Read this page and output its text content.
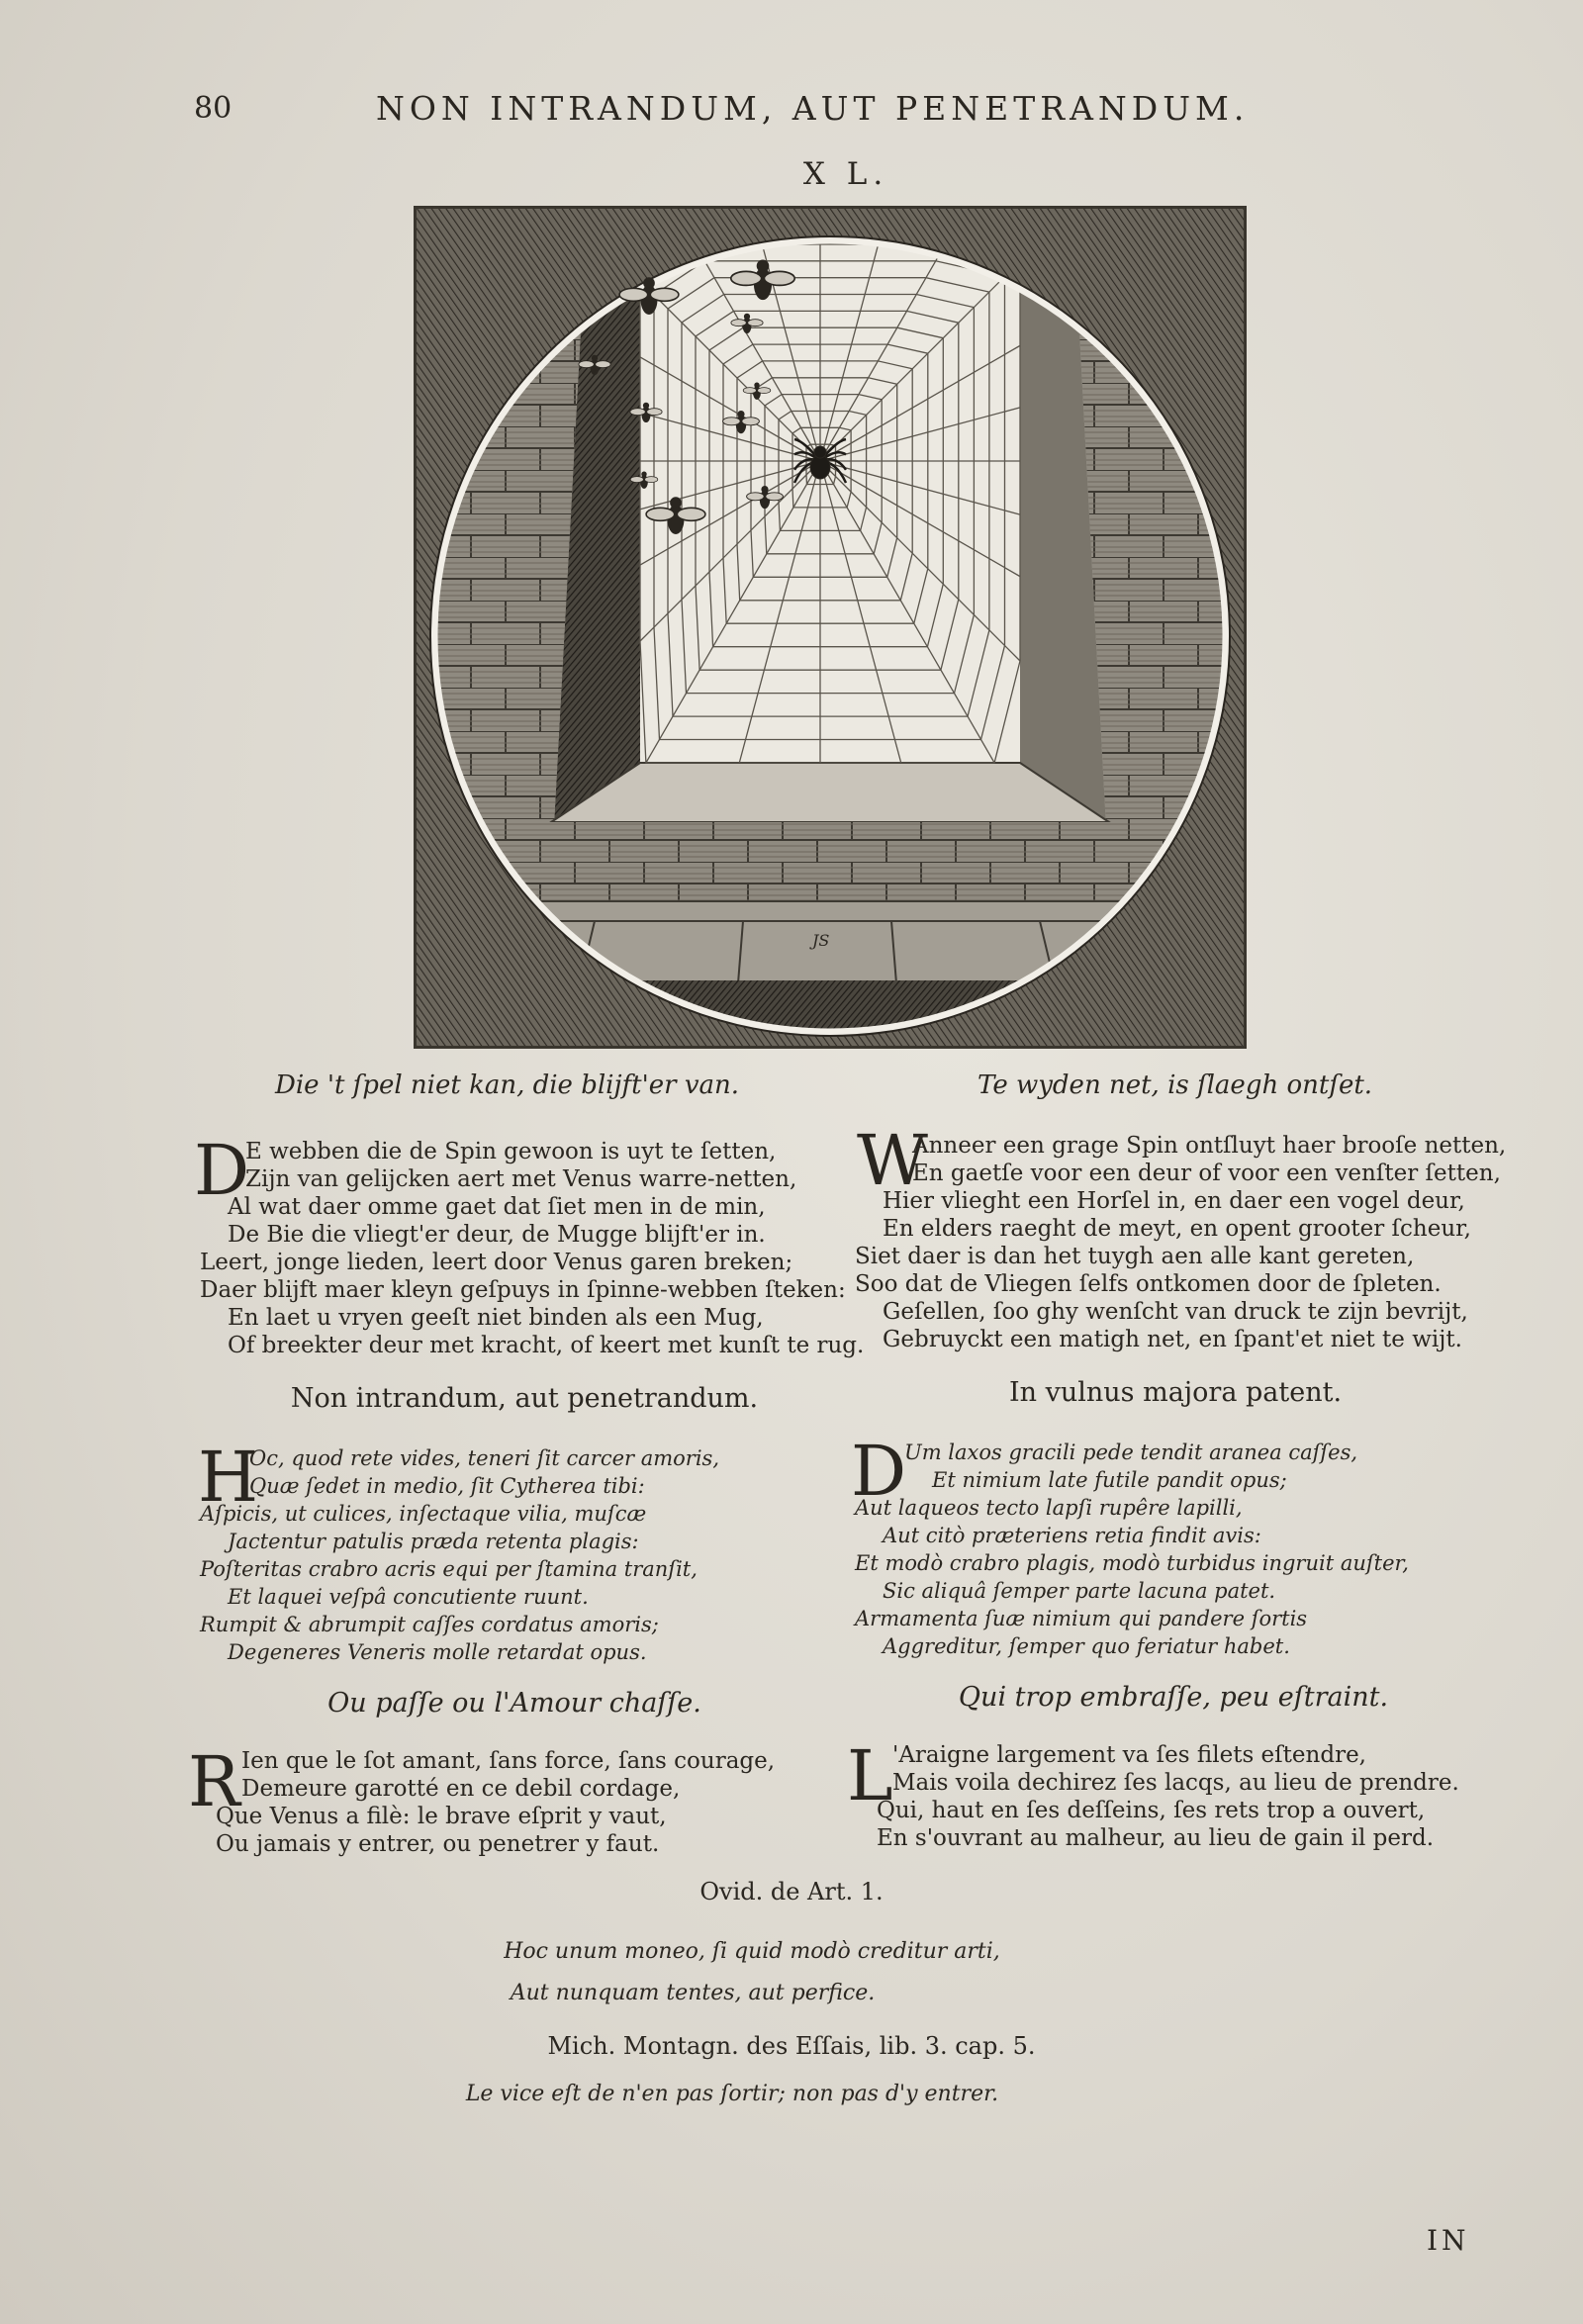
80	NON INTRANDUM, AUT PENETRANDUM.
X L.
JS
Die 't ſpel niet kan, die blijft'er van.	Te wyden net, is ſlaegh ontſet.
D
E webben die de Spin gewoon is uyt te ſetten,
Zijn van gelijcken aert met Venus warre-netten,
Al wat daer omme gaet dat ſiet men in de min,
De Bie die vliegt'er deur, de Mugge blijft'er in.
Leert, jonge lieden, leert door Venus garen breken;
Daer blijft maer kleyn geſpuys in ſpinne-webben ſteken:
En laet u vryen geeſt niet binden als een Mug,
Of breekter deur met kracht, of keert met kunſt te rug.
W
Anneer een grage Spin ontſluyt haer brooſe netten,
En gaetſe voor een deur of voor een venſter ſetten,
Hier vlieght een Horſel in, en daer een vogel deur,
En elders raeght de meyt, en opent grooter ſcheur,
Siet daer is dan het tuygh aen alle kant gereten,
Soo dat de Vliegen ſelfs ontkomen door de ſpleten.
Geſellen, ſoo ghy wenſcht van druck te zijn bevrijt,
Gebruyckt een matigh net, en ſpant'et niet te wijt.
Non intrandum, aut penetrandum.	In vulnus majora patent.
H
Oc, quod rete vides, teneri ſit carcer amoris,
Quæ ſedet in medio, ſit Cytherea tibi:
Aſpicis, ut culices, inſectaque vilia, muſcæ
Jactentur patulis præda retenta plagis:
Poſteritas crabro acris equi per ſtamina tranſit,
Et laquei veſpâ concutiente ruunt.
Rumpit & abrumpit caſſes cordatus amoris;
Degeneres Veneris molle retardat opus.
D
Um laxos gracili pede tendit aranea caſſes,
Et nimium late futile pandit opus;
Aut laqueos tecto lapſi rupêre lapilli,
Aut citò præteriens retia findit avis:
Et modò crabro plagis, modò turbidus ingruit auſter,
Sic aliquâ ſemper parte lacuna patet.
Armamenta ſuæ nimium qui pandere ſortis
Aggreditur, ſemper quo feriatur habet.
Ou paſſe ou l'Amour chaſſe.	Qui trop embraſſe, peu eſtraint.
R Ien que le ſot amant, ſans force, ſans courage,
Demeure garotté en ce debil cordage,
Que Venus a filè: le brave eſprit y vaut,
Ou jamais y entrer, ou penetrer y faut.
L 'Araigne largement va ſes filets eſtendre,
Mais voila dechirez ſes lacqs, au lieu de prendre.
Qui, haut en ſes deſſeins, ſes rets trop a ouvert,
En s'ouvrant au malheur, au lieu de gain il perd.
Ovid. de Art. 1.
Hoc unum moneo, ſi quid modò creditur arti,
Aut nunquam tentes, aut perfice.
Mich. Montagn. des Eſſais, lib. 3. cap. 5.
Le vice eſt de n'en pas ſortir; non pas d'y entrer.
IN
